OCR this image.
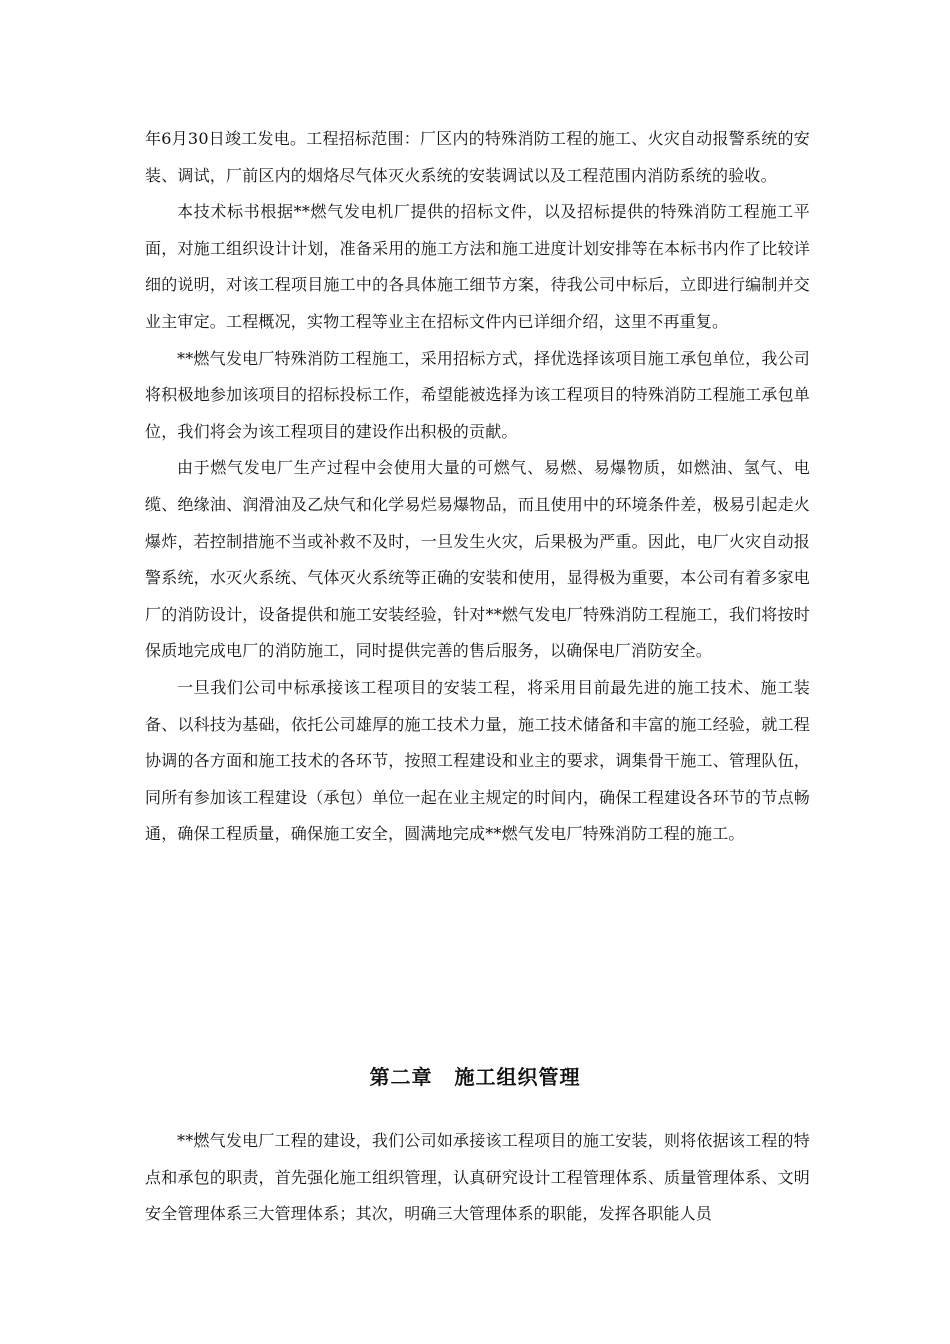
年6月30日竣工发电。工程招标范围：厂区内的特殊消防工程的施工、火灾自动报警系统的安装、调试，厂前区内的烟烙尽气体灭火系统的安装调试以及工程范围内消防系统的验收。

本技术标书根据**燃气发电机厂提供的招标文件，以及招标提供的特殊消防工程施工平面，对施工组织设计计划，准备采用的施工方法和施工进度计划安排等在本标书内作了比较详细的说明，对该工程项目施工中的各具体施工细节方案，待我公司中标后，立即进行编制并交业主审定。工程概况，实物工程等业主在招标文件内已详细介绍，这里不再重复。

**燃气发电厂特殊消防工程施工，采用招标方式，择优选择该项目施工承包单位，我公司将积极地参加该项目的招标投标工作，希望能被选择为该工程项目的特殊消防工程施工承包单位，我们将会为该工程项目的建设作出积极的贡献。

由于燃气发电厂生产过程中会使用大量的可燃气、易燃、易爆物质，如燃油、氢气、电缆、绝缘油、润滑油及乙炔气和化学易烂易爆物品，而且使用中的环境条件差，极易引起走火爆炸，若控制措施不当或补救不及时，一旦发生火灾，后果极为严重。因此，电厂火灾自动报警系统，水灭火系统、气体灭火系统等正确的安装和使用，显得极为重要，本公司有着多家电厂的消防设计，设备提供和施工安装经验，针对**燃气发电厂特殊消防工程施工，我们将按时保质地完成电厂的消防施工，同时提供完善的售后服务，以确保电厂消防安全。

一旦我们公司中标承接该工程项目的安装工程，将采用目前最先进的施工技术、施工装备、以科技为基础，依托公司雄厚的施工技术力量，施工技术储备和丰富的施工经验，就工程协调的各方面和施工技术的各环节，按照工程建设和业主的要求，调集骨干施工、管理队伍，同所有参加该工程建设（承包）单位一起在业主规定的时间内，确保工程建设各环节的节点畅通，确保工程质量，确保施工安全，圆满地完成**燃气发电厂特殊消防工程的施工。

第二章 施工组织管理

**燃气发电厂工程的建设，我们公司如承接该工程项目的施工安装，则将依据该工程的特点和承包的职责，首先强化施工组织管理，认真研究设计工程管理体系、质量管理体系、文明安全管理体系三大管理体系；其次，明确三大管理体系的职能，发挥各职能人员
